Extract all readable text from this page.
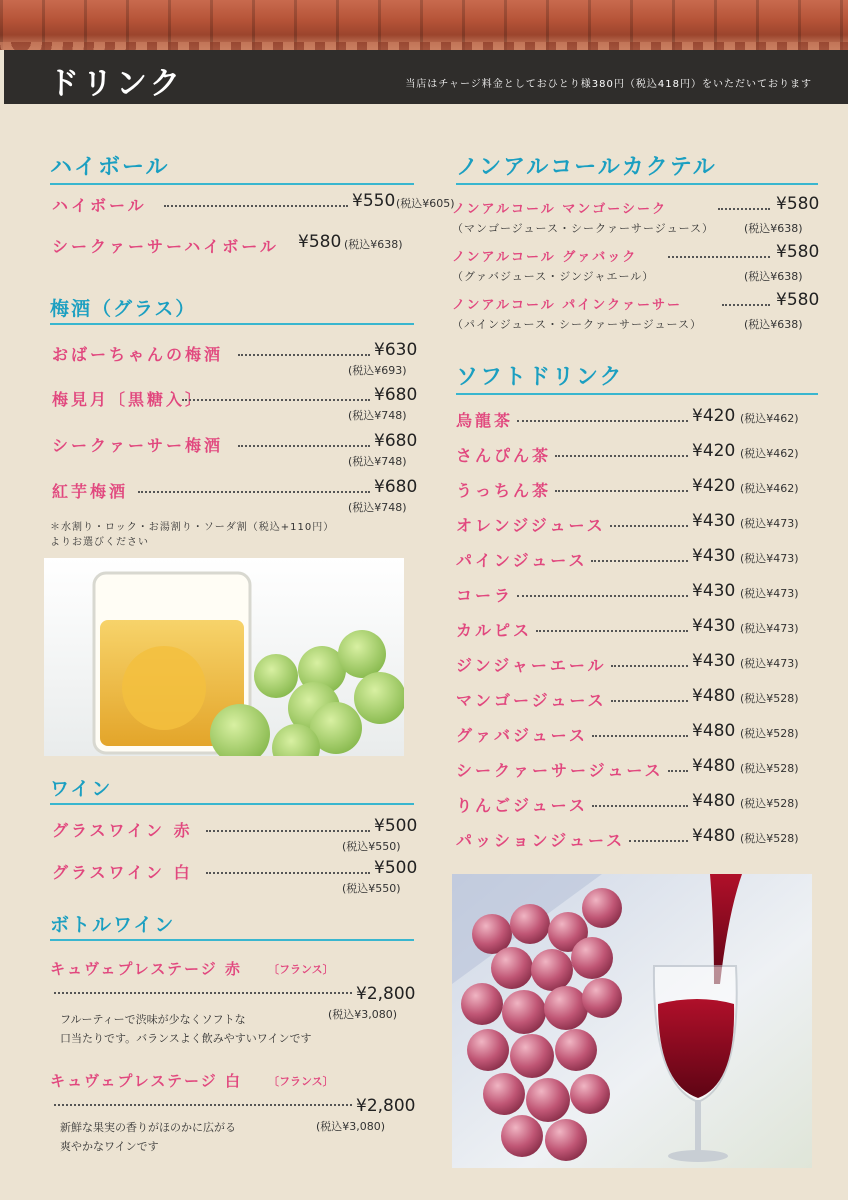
ドリンク	当店はチャージ料金としておひとり様380円（税込418円）をいただいております
ハイボール
ハイボール	¥550 (税込¥605)
シークァーサーハイボール ¥580 (税込¥638)
梅酒（グラス）
おばーちゃんの梅酒	¥630
(税込¥693)
梅見月〔黒糖入〕	¥680
(税込¥748)
シークァーサー梅酒	¥680
(税込¥748)
紅芋梅酒	¥680
(税込¥748)
＊水割り・ロック・お湯割り・ソーダ割（税込+110円）
よりお選びください
ワイン
グラスワイン 赤	¥500
(税込¥550)
グラスワイン 白	¥500
(税込¥550)
ボトルワイン
キュヴェプレステージ 赤 〔フランス〕
¥2,800
(税込¥3,080)
フルーティーで渋味が少なくソフトな
口当たりです。バランスよく飲みやすいワインです
キュヴェプレステージ 白 〔フランス〕
¥2,800
(税込¥3,080)
新鮮な果実の香りがほのかに広がる
爽やかなワインです
ノンアルコールカクテル
ノンアルコール マンゴーシーク	¥580
（マンゴージュース・シークァーサージュース）	(税込¥638)
ノンアルコール グァバック	¥580
（グァバジュース・ジンジャエール）	(税込¥638)
ノンアルコール パインクァーサー	¥580
（パインジュース・シークァーサージュース）	(税込¥638)
ソフトドリンク
烏龍茶	¥420 (税込¥462)
さんぴん茶	¥420 (税込¥462)
うっちん茶	¥420 (税込¥462)
オレンジジュース	¥430 (税込¥473)
パインジュース	¥430 (税込¥473)
コーラ	¥430 (税込¥473)
カルピス	¥430 (税込¥473)
ジンジャーエール	¥430 (税込¥473)
マンゴージュース	¥480 (税込¥528)
グァバジュース	¥480 (税込¥528)
シークァーサージュース ¥480 (税込¥528)
りんごジュース	¥480 (税込¥528)
パッションジュース	¥480 (税込¥528)
